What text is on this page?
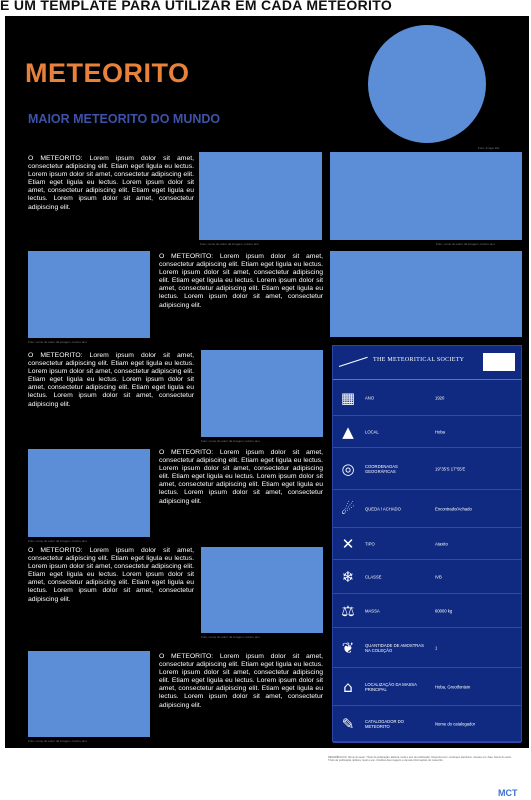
E UM TEMPLATE PARA UTILIZAR EM CADA METEORITO
METEORITO
MAIOR METEORITO DO MUNDO
Foto: Image title
O METEORITO: Lorem ipsum dolor sit amet, consectetur adipiscing elit. Etiam eget ligula eu lectus. Lorem ipsum dolor sit amet, consectetur adipiscing elit. Etiam eget ligula eu lectus. Lorem ipsum dolor sit amet, consectetur adipiscing elit. Etiam eget ligula eu lectus. Lorem ipsum dolor sit amet, consectetur adipiscing elit.
Foto: nome do autor da imagem, local e ano	Foto: nome do autor da imagem, local e ano
Foto: nome do autor da imagem, local e ano
O METEORITO: Lorem ipsum dolor sit amet, consectetur adipiscing elit. Etiam eget ligula eu lectus. Lorem ipsum dolor sit amet, consectetur adipiscing elit. Etiam eget ligula eu lectus. Lorem ipsum dolor sit amet, consectetur adipiscing elit. Etiam eget ligula eu lectus. Lorem ipsum dolor sit amet, consectetur adipiscing elit.
O METEORITO: Lorem ipsum dolor sit amet, consectetur adipiscing elit. Etiam eget ligula eu lectus. Lorem ipsum dolor sit amet, consectetur adipiscing elit. Etiam eget ligula eu lectus. Lorem ipsum dolor sit amet, consectetur adipiscing elit. Etiam eget ligula eu lectus. Lorem ipsum dolor sit amet, consectetur adipiscing elit.
Foto: nome do autor da imagem, local e ano
Foto: nome do autor da imagem, local e ano
O METEORITO: Lorem ipsum dolor sit amet, consectetur adipiscing elit. Etiam eget ligula eu lectus. Lorem ipsum dolor sit amet, consectetur adipiscing elit. Etiam eget ligula eu lectus. Lorem ipsum dolor sit amet, consectetur adipiscing elit. Etiam eget ligula eu lectus. Lorem ipsum dolor sit amet, consectetur adipiscing elit.
O METEORITO: Lorem ipsum dolor sit amet, consectetur adipiscing elit. Etiam eget ligula eu lectus. Lorem ipsum dolor sit amet, consectetur adipiscing elit. Etiam eget ligula eu lectus. Lorem ipsum dolor sit amet, consectetur adipiscing elit. Etiam eget ligula eu lectus. Lorem ipsum dolor sit amet, consectetur adipiscing elit.
Foto: nome do autor da imagem, local e ano
Foto: nome do autor da imagem, local e ano
O METEORITO: Lorem ipsum dolor sit amet, consectetur adipiscing elit. Etiam eget ligula eu lectus. Lorem ipsum dolor sit amet, consectetur adipiscing elit. Etiam eget ligula eu lectus. Lorem ipsum dolor sit amet, consectetur adipiscing elit. Etiam eget ligula eu lectus. Lorem ipsum dolor sit amet, consectetur adipiscing elit.
THE METEORITICAL SOCIETY
▦	ANO	1920
▲	LOCAL	Hoba
◎	COORDENADAS GEOGRÁFICAS	19°35'S 17°55'E
☄	QUEDA / ACHADO	Encontrado/Achado
✕	TIPO	Ataxito
❄	CLASSE	IVB
⚖	MASSA	60000 kg
❦	QUANTIDADE DE AMOSTRAS NA COLEÇÃO	1
⌂	LOCALIZAÇÃO DA MASSA PRINCIPAL	Hoba, Grootfontein
✎	CATALOGADOR DO METEORITO	Nome do catalogador
REFERÊNCIAS: Nome do autor. Título da publicação. Editora, local e ano de publicação. Disponível em: endereço eletrônico. Acesso em: data. Nome do autor. Título da publicação. Editora, local e ano. Créditos das imagens e demais informações do meteorito.
MCT
